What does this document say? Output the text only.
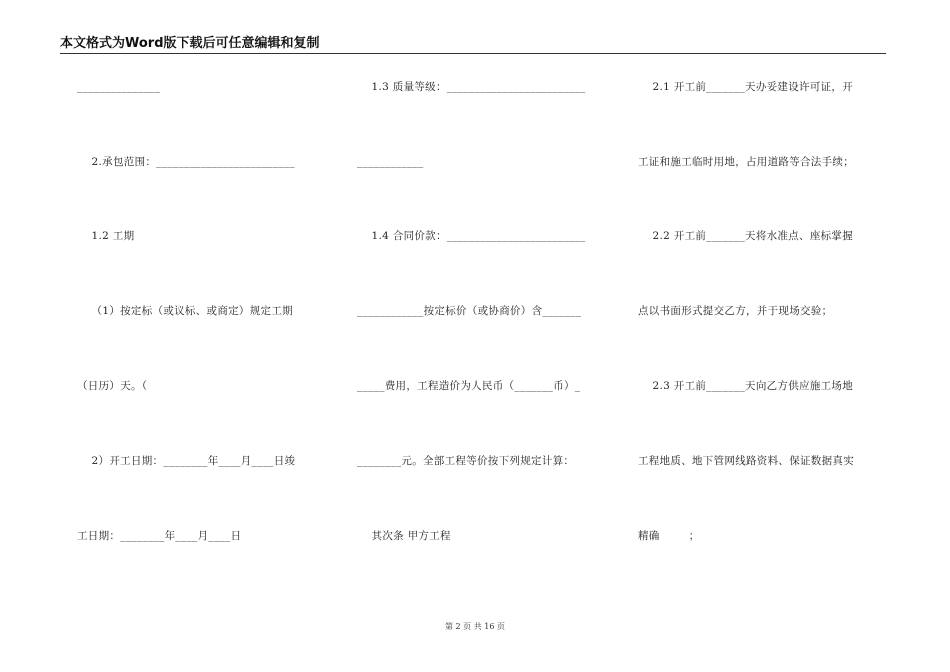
本文格式为Word版下载后可任意编辑和复制
_______________
2.承包范围：_________________________
1.2 工期
（1）按定标（或议标、或商定）规定工期
（日历）天。（
2）开工日期：________年____月____日竣
工日期：________年____月____日
1.3 质量等级：_________________________
____________
1.4 合同价款：_________________________
____________按定标价（或协商价）含_______
_____费用，工程造价为人民币（_______币）_
________元。全部工程等价按下列规定计算：
其次条 甲方工程
2.1 开工前_______天办妥建设许可证，开
工证和施工临时用地，占用道路等合法手续；
2.2 开工前_______天将水准点、座标掌握
点以书面形式提交乙方，并于现场交验；
2.3 开工前_______天向乙方供应施工场地
工程地质、地下管网线路资料、保证数据真实
精确        ；
第 2 页 共 16 页
